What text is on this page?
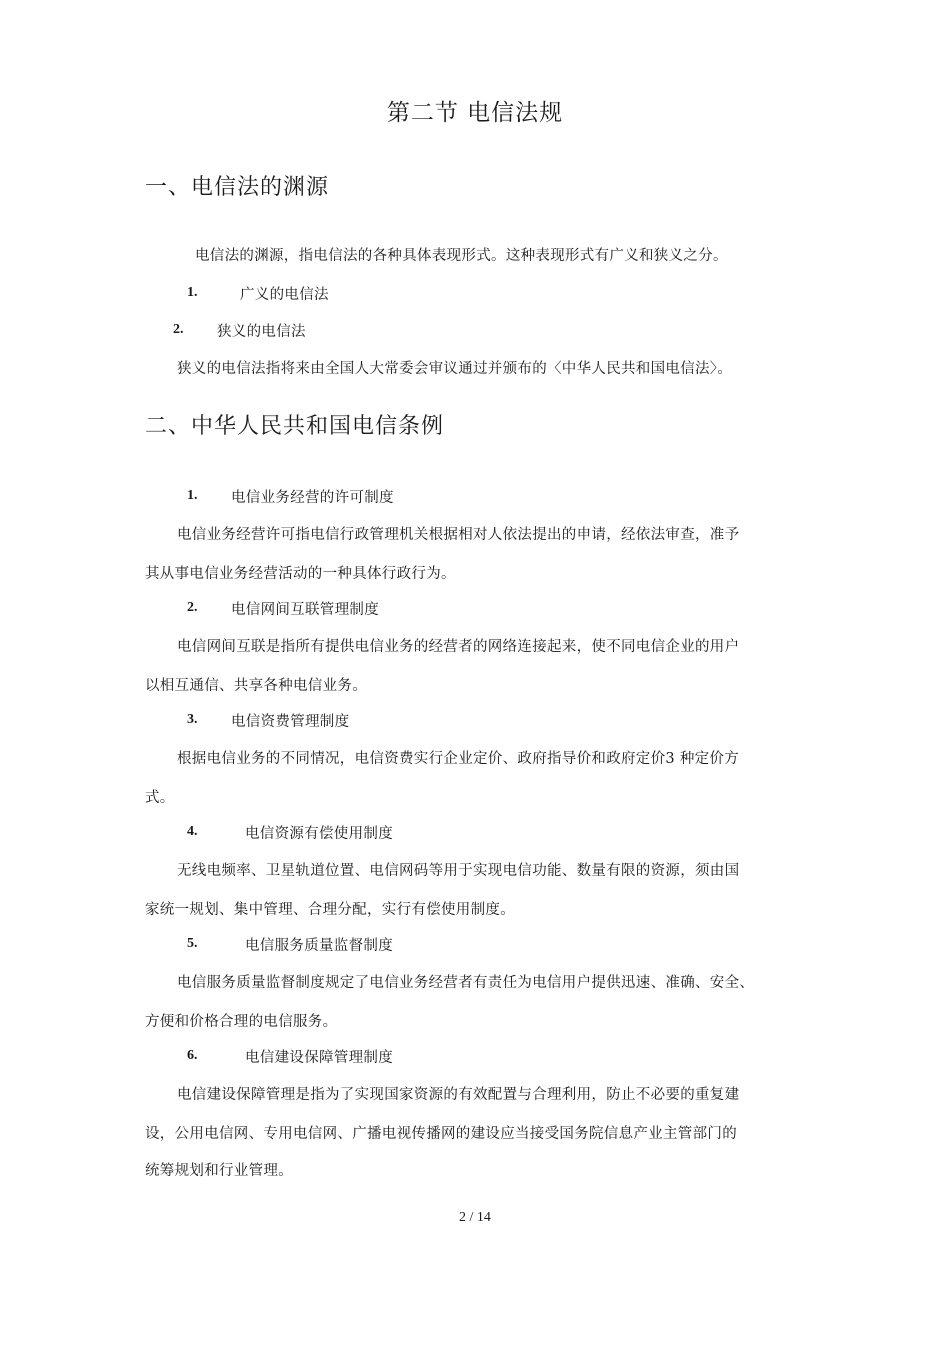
第二节 电信法规
一、电信法的渊源
电信法的渊源，指电信法的各种具体表现形式。这种表现形式有广义和狭义之分。
1.	广义的电信法
2. 狭义的电信法
狭义的电信法指将来由全国人大常委会审议通过并颁布的〈中华人民共和国电信法〉。
二、中华人民共和国电信条例
1. 电信业务经营的许可制度
电信业务经营许可指电信行政管理机关根据相对人依法提出的申请，经依法审查，准予
其从事电信业务经营活动的一种具体行政行为。
2. 电信网间互联管理制度
电信网间互联是指所有提供电信业务的经营者的网络连接起来，使不同电信企业的用户
以相互通信、共享各种电信业务。
3. 电信资费管理制度
根据电信业务的不同情况，电信资费实行企业定价、政府指导价和政府定价3 种定价方
式。
4.	电信资源有偿使用制度
无线电频率、卫星轨道位置、电信网码等用于实现电信功能、数量有限的资源，须由国
家统一规划、集中管理、合理分配，实行有偿使用制度。
5.	电信服务质量监督制度
电信服务质量监督制度规定了电信业务经营者有责任为电信用户提供迅速、准确、安全、
方便和价格合理的电信服务。
6.	电信建设保障管理制度
电信建设保障管理是指为了实现国家资源的有效配置与合理利用，防止不必要的重复建
设，公用电信网、专用电信网、广播电视传播网的建设应当接受国务院信息产业主管部门的
统筹规划和行业管理。
2 / 14
